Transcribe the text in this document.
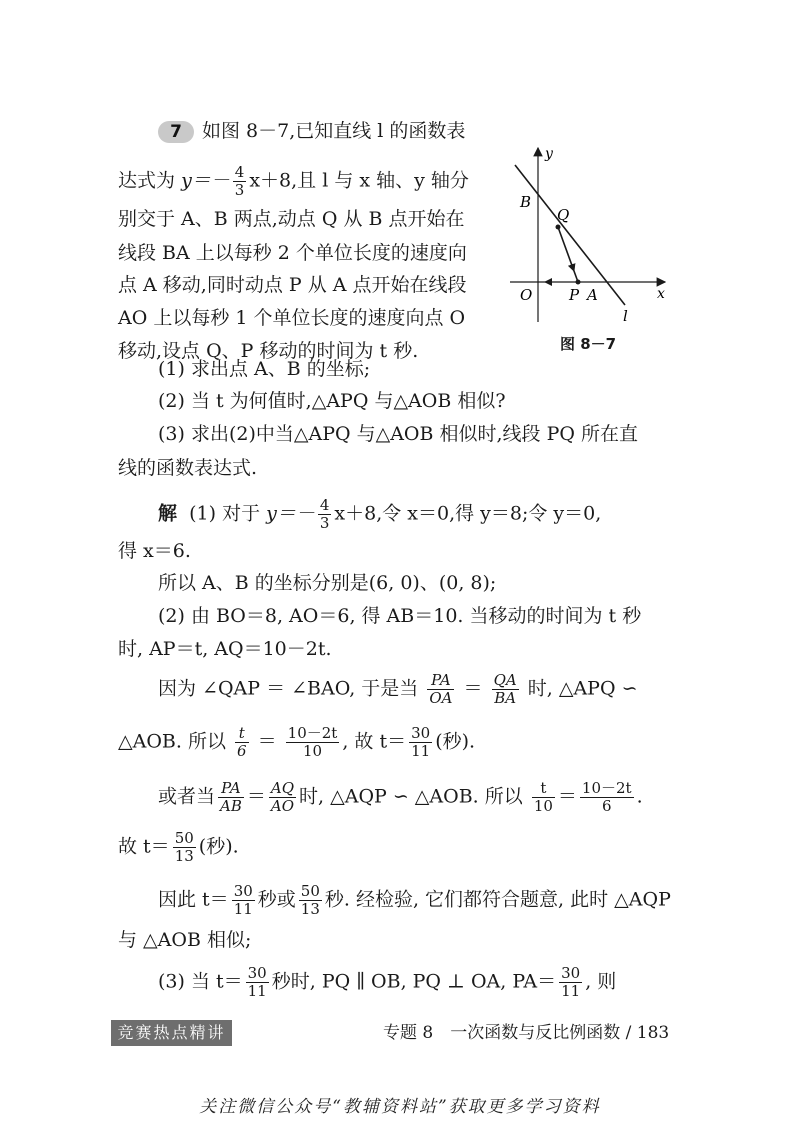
7 如图 8－7,已知直线 l 的函数表
达式为 $y=- \frac{4}{3} x+8$,且 l 与 x 轴、y 轴分
别交于 A、B 两点,动点 Q 从 B 点开始在
线段 BA 上以每秒 2 个单位长度的速度向
点 A 移动,同时动点 P 从 A 点开始在线段
AO 上以每秒 1 个单位长度的速度向点 O
移动,设点 Q、P 移动的时间为 t 秒.
y
x
O
B
Q
P A
l
图 8－7
(1) 求出点 A、B 的坐标;
(2) 当 t 为何值时,△APQ 与△AOB 相似?
(3) 求出(2)中当△APQ 与△AOB 相似时,线段 PQ 所在直
线的函数表达式.
解 (1) 对于 $y=- \frac{4}{3} x+8$,令 x＝0,得 y＝8;令 y＝0,
得 x＝6.
所以 A、B 的坐标分别是(6, 0)、(0, 8);
(2) 由 BO＝8, AO＝6, 得 AB＝10. 当移动的时间为 t 秒
时, AP＝t, AQ＝10－2t.
因为 ∠QAP ＝ ∠BAO, 于是当 $\frac{PA}{OA} = \frac{QA}{BA}$ 时, △APQ ∽
△AOB. 所以 $\frac{t}{6} = \frac{10-2t}{10}$ , 故 $t= \frac{30}{11}$ (秒).
或者当 $\frac{PA}{AB} = \frac{AQ}{AO}$ 时, △AQP ∽ △AOB. 所以 $\frac{t}{10} = \frac{10-2t}{6}$ .
故 $t= \frac{50}{13}$ (秒).
因此 $t= \frac{30}{11}$ 秒或 $\frac{50}{13}$ 秒. 经检验, 它们都符合题意, 此时 △AQP
与 △AOB 相似;
(3) 当 $t= \frac{30}{11}$ 秒时, PQ ∥ OB, PQ ⊥ OA, $PA= \frac{30}{11}$ , 则
竞赛热点精讲	专题 8　一次函数与反比例函数 / 183
关注微信公众号“教辅资料站”获取更多学习资料
